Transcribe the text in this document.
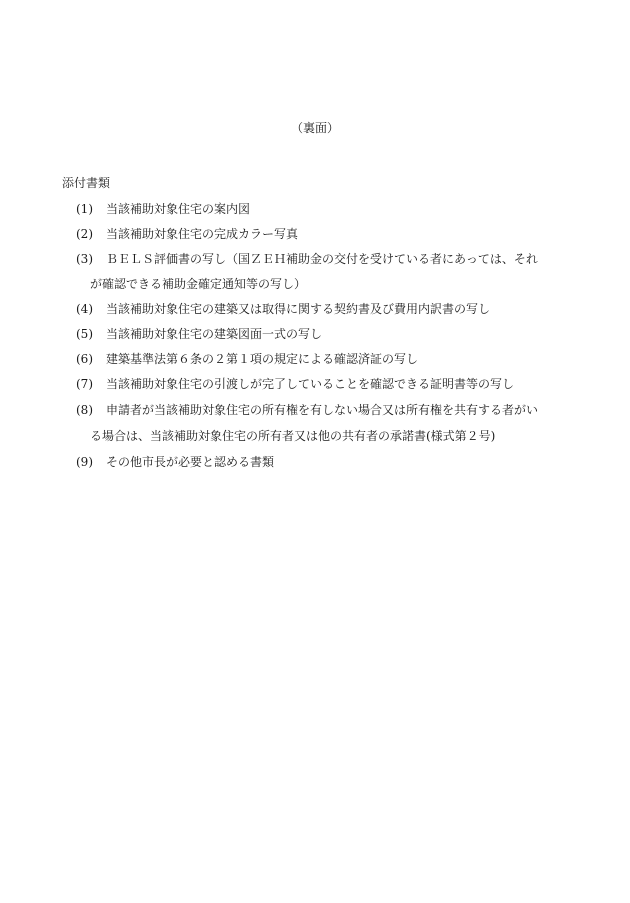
（裏面）
添付書類
(1) 当該補助対象住宅の案内図
(2) 当該補助対象住宅の完成カラー写真
(3) ＢＥＬＳ評価書の写し（国ＺＥＨ補助金の交付を受けている者にあっては、それ
が確認できる補助金確定通知等の写し）
(4) 当該補助対象住宅の建築又は取得に関する契約書及び費用内訳書の写し
(5) 当該補助対象住宅の建築図面一式の写し
(6) 建築基準法第６条の２第１項の規定による確認済証の写し
(7) 当該補助対象住宅の引渡しが完了していることを確認できる証明書等の写し
(8) 申請者が当該補助対象住宅の所有権を有しない場合又は所有権を共有する者がい
る場合は、当該補助対象住宅の所有者又は他の共有者の承諾書(様式第２号)
(9) その他市長が必要と認める書類
